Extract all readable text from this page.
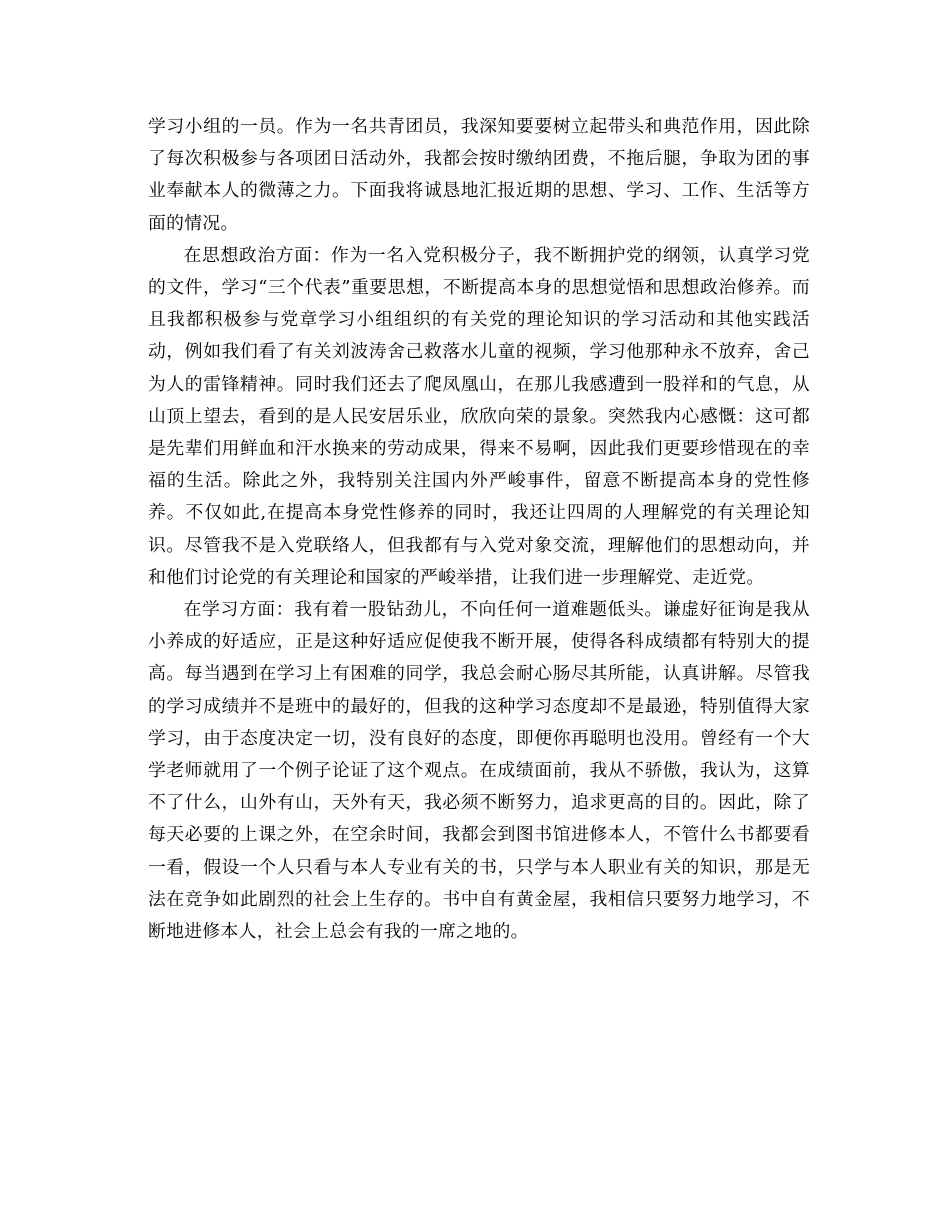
学习小组的一员。作为一名共青团员，我深知要要树立起带头和典范作用，因此除了每次积极参与各项团日活动外，我都会按时缴纳团费，不拖后腿，争取为团的事业奉献本人的微薄之力。下面我将诚恳地汇报近期的思想、学习、工作、生活等方面的情况。

在思想政治方面：作为一名入党积极分子，我不断拥护党的纲领，认真学习党的文件，学习“三个代表”重要思想，不断提高本身的思想觉悟和思想政治修养。而且我都积极参与党章学习小组组织的有关党的理论知识的学习活动和其他实践活动，例如我们看了有关刘波涛舍己救落水儿童的视频，学习他那种永不放弃，舍己为人的雷锋精神。同时我们还去了爬凤凰山，在那儿我感遭到一股祥和的气息，从山顶上望去，看到的是人民安居乐业，欣欣向荣的景象。突然我内心感慨：这可都是先辈们用鲜血和汗水换来的劳动成果，得来不易啊，因此我们更要珍惜现在的幸福的生活。除此之外，我特别关注国内外严峻事件，留意不断提高本身的党性修养。不仅如此,在提高本身党性修养的同时，我还让四周的人理解党的有关理论知识。尽管我不是入党联络人，但我都有与入党对象交流，理解他们的思想动向，并和他们讨论党的有关理论和国家的严峻举措，让我们进一步理解党、走近党。

在学习方面：我有着一股钻劲儿，不向任何一道难题低头。谦虚好征询是我从小养成的好适应，正是这种好适应促使我不断开展，使得各科成绩都有特别大的提高。每当遇到在学习上有困难的同学，我总会耐心肠尽其所能，认真讲解。尽管我的学习成绩并不是班中的最好的，但我的这种学习态度却不是最逊，特别值得大家学习，由于态度决定一切，没有良好的态度，即便你再聪明也没用。曾经有一个大学老师就用了一个例子论证了这个观点。在成绩面前，我从不骄傲，我认为，这算不了什么，山外有山，天外有天，我必须不断努力，追求更高的目的。因此，除了每天必要的上课之外，在空余时间，我都会到图书馆进修本人，不管什么书都要看一看，假设一个人只看与本人专业有关的书，只学与本人职业有关的知识，那是无法在竞争如此剧烈的社会上生存的。书中自有黄金屋，我相信只要努力地学习，不断地进修本人，社会上总会有我的一席之地的。
